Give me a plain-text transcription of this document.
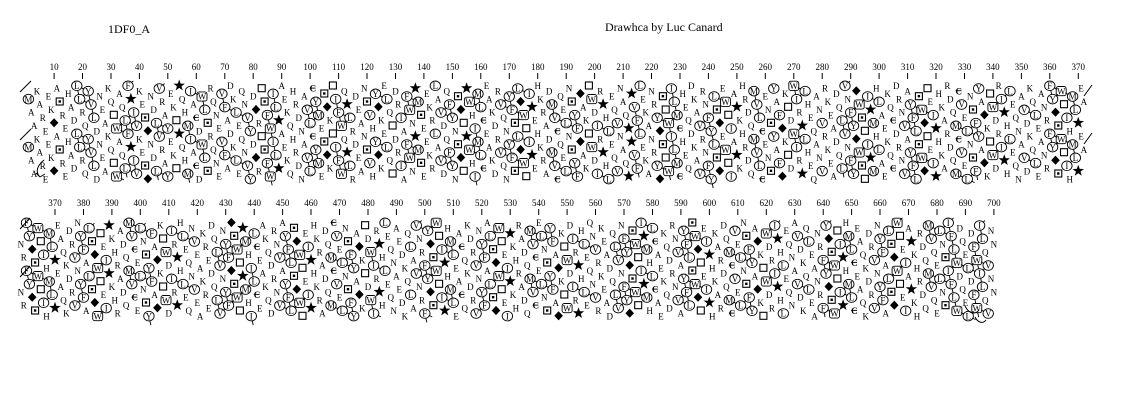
1DF0_A	Drawhca by Luc Canard
10 20 30 40 50 60 70 80 90 100 110 120 130 140 150 160 170 180 190 200 210 220 230 240 250 260 270 280 290 300 310 320 330 340 350 360 370
M
M
A
A
A
A
K
K
A
A
R
R
E
E
E
E
K
K
A
A
R
R
E
E
H
H
A
A
D
D
L
L
L
L
R
R
Q
Q
Y
Y
V
V
L
L
D
D
N
N
E
E
A
A
K
K
Q
Q
W
W
A
A
Q
Q
L
L
F
F
I
I
V
V
K
K
E
E
N
N
D
D
L
L
V
V
R
R
A
A
Y
Y
E
E
K
K
Q
Q
H
H
M
M
I
I
A
A
C
C
D
D
W
W
L
L
R
R
Q
Q
N
N
E
E
V
V
F
F
A
A
D
D
K
K
L
L
E
E
Q
Q
N
N
V
V
Y
Y
D
D
R
R
F
F
W
W
I
I
L
L
A
A
E
E
K
K
Q
Q
H
H
R
R
D
D
N
N
A
A
V
V
L
L
C
C
Y
Y
M
M
E
E
K
K
I
I
F
F
W
W
Q
Q
L
L
R
R
D
D
E
E
A
A
N
N
V
V
H
H
Y
Y
K
K
E
E
L
L
Q
Q
D
D
R
R
I
I
A
A
F
F
W
W
N
N
M
M
E
E
E
E
K
K
R
R
L
L
A
A
V
V
D
D
Q
Q
F
F
Y
Y
N
N
W
W
H
H
I
I
M
M
L
L
C
C
E
E
A
A
K
K
D
D
R
R
V
V
Q
Q
N
N
Y
Y
F
F
L
L
W
W
I
I
E
E
H
H
K
K
R
R
A
A
D
D
M
M
V
V
C
C
Q
Q
E
E
L
L
N
N
Y
Y
F
F
A
A
K
K
W
W
D
D
I
I
R
R
H
H
L
L
E
E
Q
Q
V
V
N
N
A
A
Q
Q
V
V
F
F
L
L
E
E
K
K
A
A
N
N
R
R
Y
Y
W
W
I
I
L
L
M
M
C
C
H
H
E
E
Q
Q
D
D
K
K
A
A
V
V
R
R
N
N
F
F
Y
Y
L
L
E
E
W
W
I
I
A
A
K
K
H
H
R
R
D
D
Q
Q
M
M
V
V
L
L
C
C
E
E
N
N
Y
Y
A
A
F
F
K
K
D
D
W
W
I
I
R
R
L
L
H
H
E
E
Q
Q
A
A
N
N
V
V
R
R
K
K
E
E
A
A
D
D
Q
Q
L
L
V
V
N
N
F
F
Y
Y
W
W
I
I
M
M
H
H
L
L
A
A
E
E
K
K
Q
Q
C
C
D
D
R
R
N
N
V
V
A
A
Y
Y
F
F
L
L
W
W
E
E
I
I
H
H
K
K
A
A
R
R
D
D
Q
Q
M
M
C
C
V
V
E
E
L
L
N
N
F
F
Y
Y
A
A
K
K
W
W
D
D
R
R
I
I
H
H
L
L
E
E
Q
Q
N
N
A
A
V
V
D
D
K
K
Q
Q
L
L
E
E
A
A
N
N
R
R
F
F
Y
Y
W
W
I
I
H
H
M
M
L
L
E
E
A
A
370 380 390 400 410 420 430 440 450 460 470 480 490 500 510 520 530 540 550 560 570 580 590 600 610 620 630 640 650 660 670 680 690 700
N
N
R
R
F
F
Y
Y
W
W
I
I
H
H
M
M
L
L
E
E
A
A
Q
Q
K
K
D
D
R
R
V
V
N
N
Y
Y
F
F
A
A
L
L
W
W
E
E
I
I
K
K
H
H
R
R
A
A
D
D
Q
Q
M
M
V
V
C
C
E
E
L
L
N
N
Y
Y
F
F
A
A
K
K
W
W
D
D
I
I
R
R
H
H
L
L
E
E
Q
Q
N
N
V
V
E
E
A
A
K
K
R
R
E
E
D
D
Q
Q
L
L
V
V
N
N
Y
Y
F
F
W
W
M
M
H
H
I
I
L
L
C
C
E
E
A
A
K
K
Q
Q
D
D
R
R
N
N
V
V
A
A
Y
Y
F
F
L
L
W
W
E
E
I
I
H
H
K
K
R
R
A
A
D
D
Q
Q
M
M
C
C
V
V
E
E
L
L
N
N
F
F
Y
Y
A
A
K
K
D
D
W
W
I
I
R
R
H
H
L
L
E
E
Q
Q
N
N
A
A
E
E
D
D
K
K
Q
Q
L
L
A
A
V
V
N
N
R
R
F
F
Y
Y
W
W
I
I
H
H
M
M
L
L
E
E
A
A
C
C
Q
Q
K
K
D
D
R
R
V
V
N
N
Y
Y
F
F
A
A
L
L
W
W
E
E
I
I
K
K
H
H
R
R
A
A
D
D
Q
Q
M
M
V
V
C
C
E
E
L
L
N
N
Y
Y
F
F
A
A
K
K
W
W
D
D
I
I
R
R
H
H
L
L
E
E
Q
Q
N
N
V
V
R
R
K
K
E
E
A
A
D
D
Q
Q
L
L
V
V
N
N
F
F
Y
Y
W
W
I
I
M
M
H
H
L
L
C
C
A
A
E
E
K
K
Q
Q
D
D
R
R
N
N
V
V
A
A
Y
Y
F
F
L
L
W
W
E
E
I
I
H
H
K
K
A
A
R
R
D
D
Q
Q
M
M
C
C
V
V
E
E
L
L
N
N
F
F
Y
Y
A
A
K
K
W
W
D
D
R
R
I
I
H
H
L
L
E
E
Q
Q
N
N
A
A
V
V
D
D
K
K
Q
Q
L
L
E
E
A
A
N
N
R
R
F
F
Y
Y
W
W
I
I
H
H
M
M
L
L
C
C
E
E
A
A
Q
Q
K
K
D
D
R
R
V
V
N
N
Y
Y
F
F
A
A
L
L
W
W
E
E
I
I
A
A
K
K
H
H
R
R
D
D
Q
Q
M
M
V
V
Q
Q
E
E
L
L
N
N
I
I
F
F
L
L
W
W
D
D
Q
Q
E
E
L
L
D
D
F
F
W
W
I
I
L
L
Q
Q
V
V
N
N
N
N
